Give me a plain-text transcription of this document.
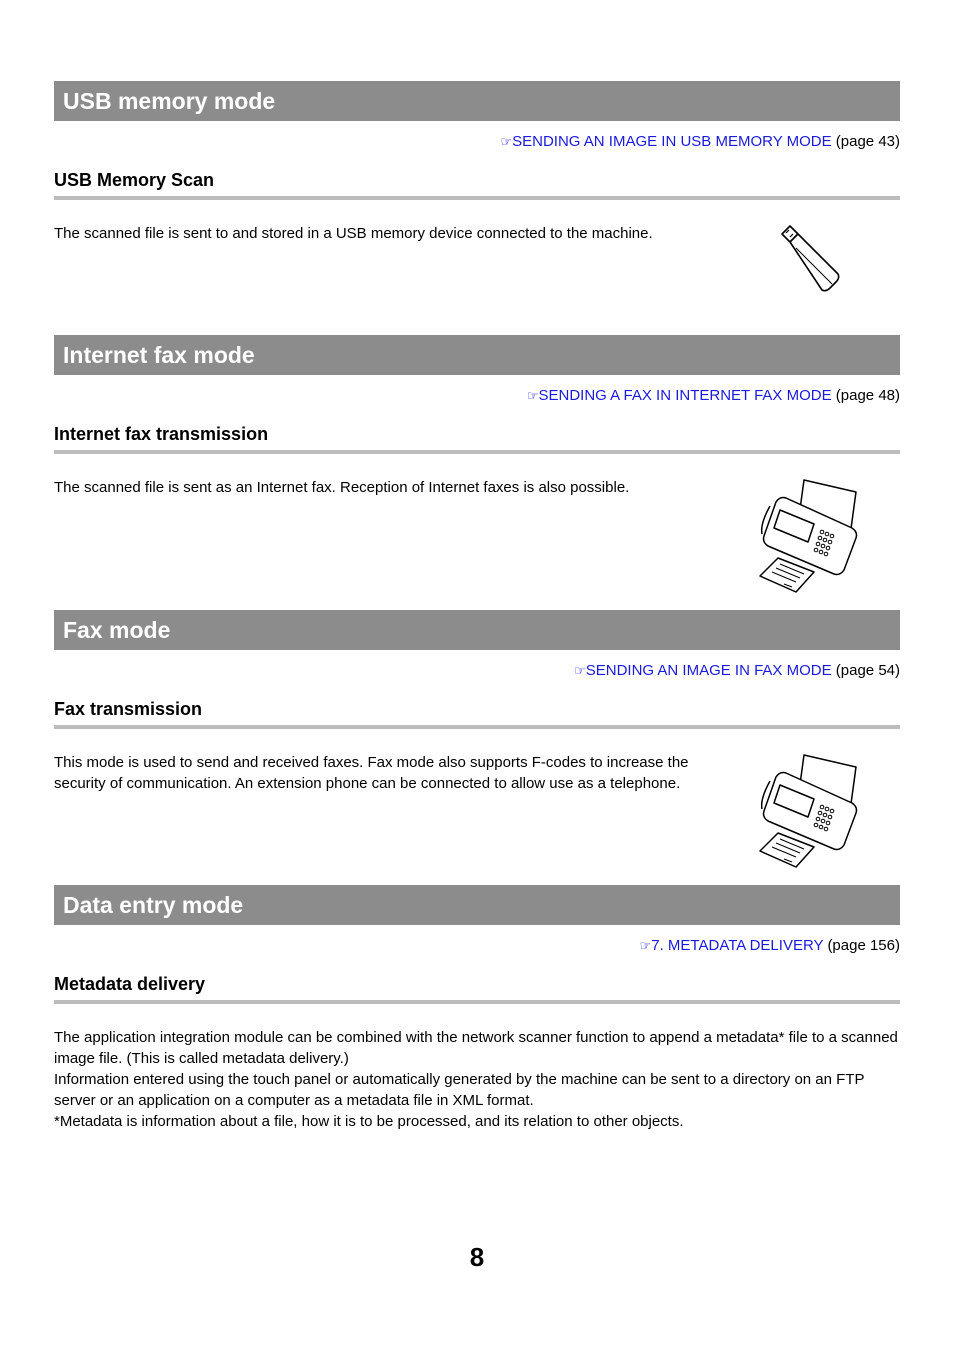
USB memory mode
☞SENDING AN IMAGE IN USB MEMORY MODE (page 43)
USB Memory Scan
The scanned file is sent to and stored in a USB memory device connected to the machine.
Internet fax mode
☞SENDING A FAX IN INTERNET FAX MODE (page 48)
Internet fax transmission
The scanned file is sent as an Internet fax. Reception of Internet faxes is also possible.
Fax mode
☞SENDING AN IMAGE IN FAX MODE (page 54)
Fax transmission
This mode is used to send and received faxes. Fax mode also supports F-codes to increase the security of communication. An extension phone can be connected to allow use as a telephone.
Data entry mode
☞7. METADATA DELIVERY (page 156)
Metadata delivery
The application integration module can be combined with the network scanner function to append a metadata* file to a scanned image file. (This is called metadata delivery.)
Information entered using the touch panel or automatically generated by the machine can be sent to a directory on an FTP server or an application on a computer as a metadata file in XML format.
*Metadata is information about a file, how it is to be processed, and its relation to other objects.
8
